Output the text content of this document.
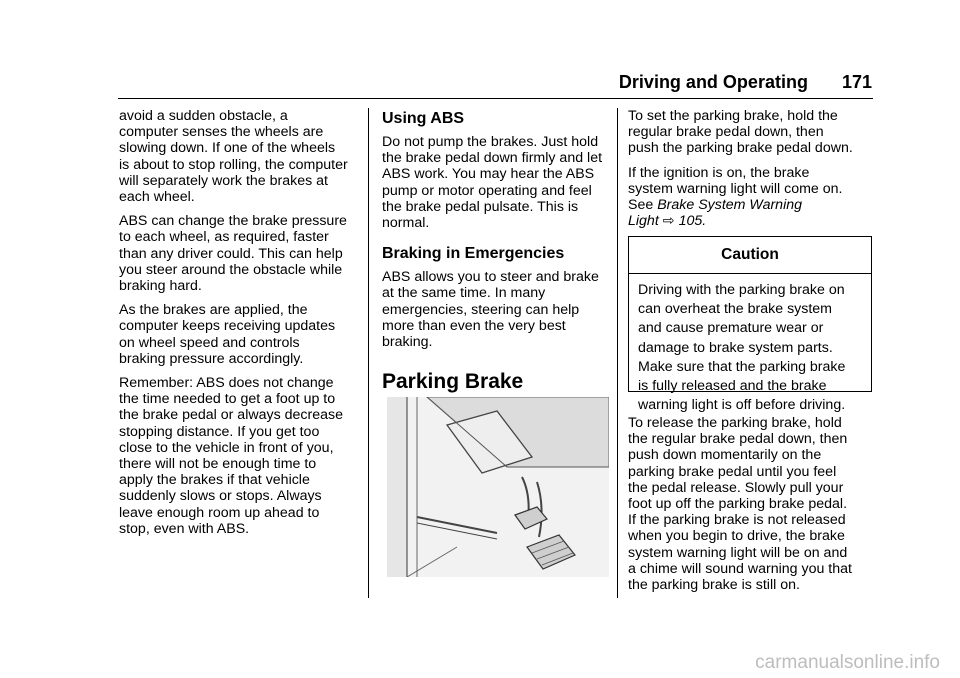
Driving and Operating 171

avoid a sudden obstacle, a
computer senses the wheels are
slowing down. If one of the wheels
is about to stop rolling, the computer
will separately work the brakes at
each wheel.

ABS can change the brake pressure
to each wheel, as required, faster
than any driver could. This can help
you steer around the obstacle while
braking hard.

As the brakes are applied, the
computer keeps receiving updates
on wheel speed and controls
braking pressure accordingly.

Remember: ABS does not change
the time needed to get a foot up to
the brake pedal or always decrease
stopping distance. If you get too
close to the vehicle in front of you,
there will not be enough time to
apply the brakes if that vehicle
suddenly slows or stops. Always
leave enough room up ahead to
stop, even with ABS.

Using ABS

Do not pump the brakes. Just hold
the brake pedal down firmly and let
ABS work. You may hear the ABS
pump or motor operating and feel
the brake pedal pulsate. This is
normal.

Braking in Emergencies

ABS allows you to steer and brake
at the same time. In many
emergencies, steering can help
more than even the very best
braking.

Parking Brake

To set the parking brake, hold the
regular brake pedal down, then
push the parking brake pedal down.

If the ignition is on, the brake
system warning light will come on.
See Brake System Warning
Light ⇨ 105.

Caution
Driving with the parking brake on
can overheat the brake system
and cause premature wear or
damage to brake system parts.
Make sure that the parking brake
is fully released and the brake
warning light is off before driving.

To release the parking brake, hold
the regular brake pedal down, then
push down momentarily on the
parking brake pedal until you feel
the pedal release. Slowly pull your
foot up off the parking brake pedal.
If the parking brake is not released
when you begin to drive, the brake
system warning light will be on and
a chime will sound warning you that
the parking brake is still on.

carmanualsonline.info
